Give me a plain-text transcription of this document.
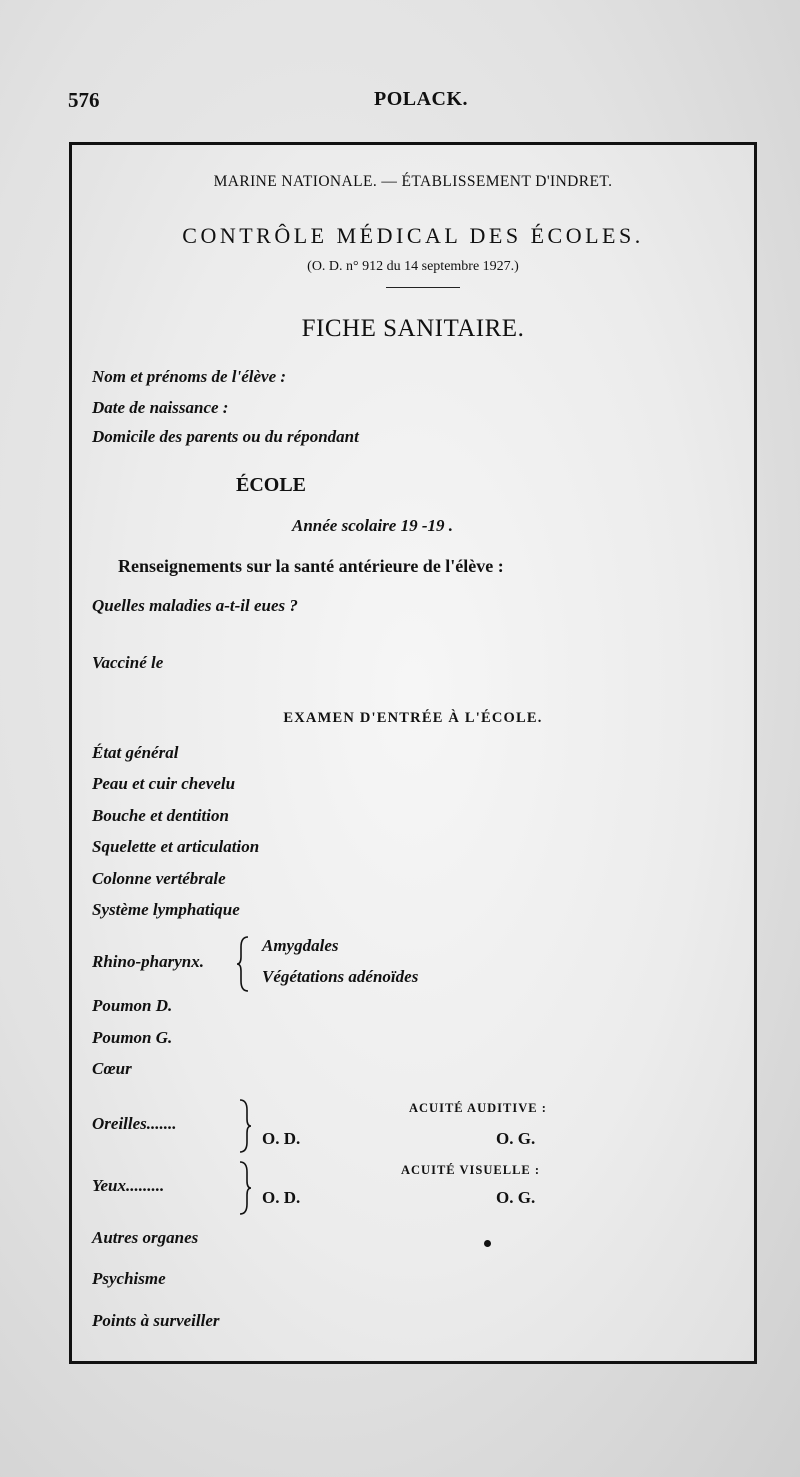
576	POLACK.
MARINE NATIONALE. — ÉTABLISSEMENT D'INDRET.
CONTRÔLE MÉDICAL DES ÉCOLES.
(O. D. n° 912 du 14 septembre 1927.)
FICHE SANITAIRE.
Nom et prénoms de l'élève :
Date de naissance :
Domicile des parents ou du répondant
ÉCOLE
Année scolaire 19 -19 .
Renseignements sur la santé antérieure de l'élève :
Quelles maladies a-t-il eues ?
Vacciné le
EXAMEN D'ENTRÉE À L'ÉCOLE.
État général
Peau et cuir chevelu
Bouche et dentition
Squelette et articulation
Colonne vertébrale
Système lymphatique
Rhino-pharynx.
Amygdales
Végétations adénoïdes
Poumon D.
Poumon G.
Cœur
ACUITÉ AUDITIVE :
Oreilles.......
O. D.	O. G.
ACUITÉ VISUELLE :
Yeux.........
O. D.	O. G.
Autres organes
Psychisme
Points à surveiller
